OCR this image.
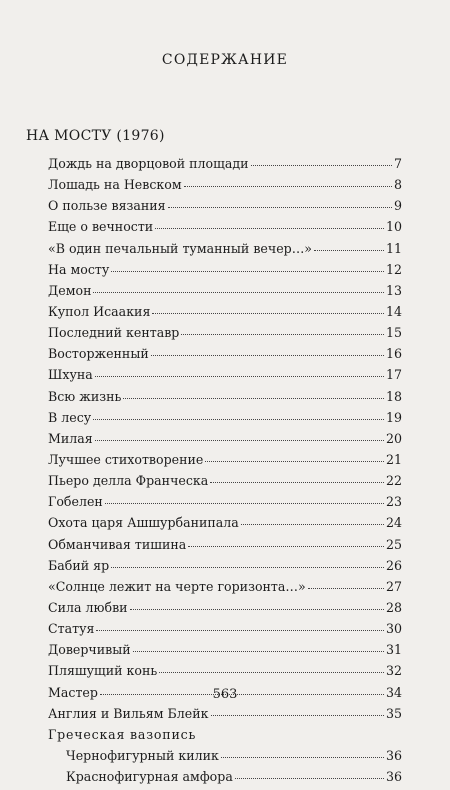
СОДЕРЖАНИЕ
НА МОСТУ (1976)
Дождь на дворцовой площади	7
Лошадь на Невском	8
О пользе вязания	9
Еще о вечности	10
«В один печальный туманный вечер…»	11
На мосту	12
Демон	13
Купол Исаакия	14
Последний кентавр	15
Восторженный	16
Шхуна	17
Всю жизнь	18
В лесу	19
Милая	20
Лучшее стихотворение	21
Пьеро делла Франческа	22
Гобелен	23
Охота царя Ашшурбанипала	24
Обманчивая тишина	25
Бабий яр	26
«Солнце лежит на черте горизонта…»	27
Сила любви	28
Статуя	30
Доверчивый	31
Пляшущий конь	32
Мастер	34
Англия и Вильям Блейк	35
Греческая вазопись
Чернофигурный килик	36
Краснофигурная амфора	36
563
